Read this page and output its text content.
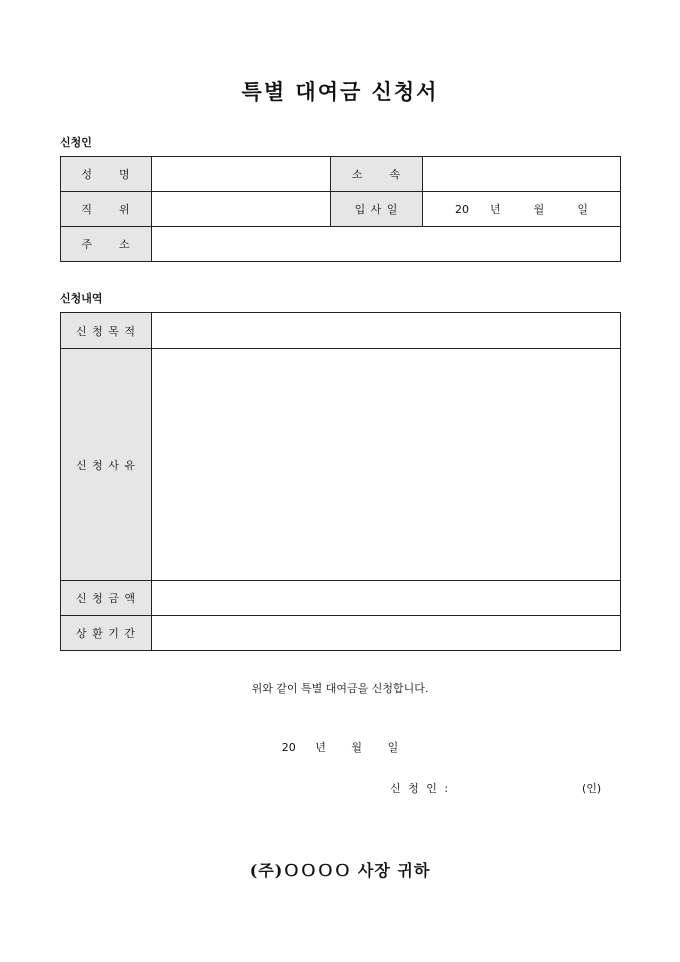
특별 대여금 신청서
신청인
성 명		소 속	
직 위		입 사 일	20 년 월 일
주 소			
신청내역
신 청 목 적	
신 청 사 유	
신 청 금 액	
상 환 기 간	
위와 같이 특별 대여금을 신청합니다.
20 년 월 일
신 청 인 :	(인)
(주)ＯＯＯＯ 사장 귀하
